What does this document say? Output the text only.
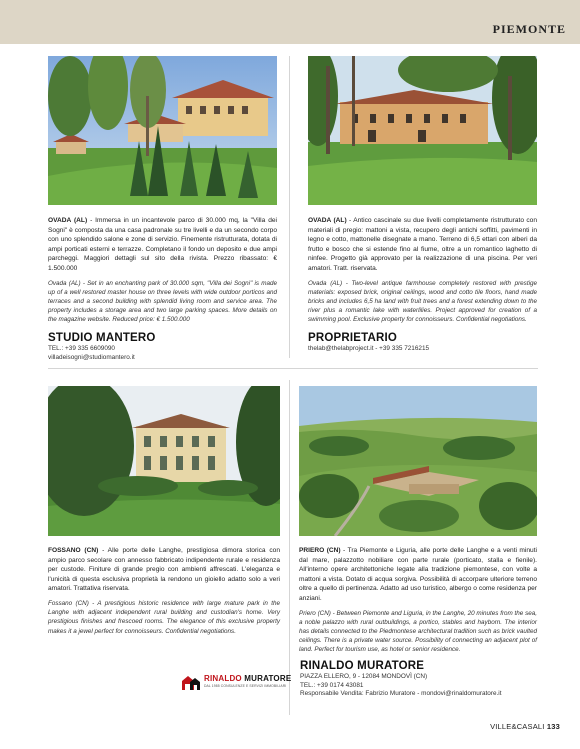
PIEMONTE

OVADA (AL) - Immersa in un incantevole parco di 30.000 mq, la "Villa dei Sogni" è composta da una casa padronale su tre livelli e da un secondo corpo con uno splendido salone e zone di servizio. Finemente ristrutturata, dotata di ampi porticati esterni e terrazze. Completano il fondo un deposito e due ampi parcheggi. Maggiori dettagli sul sito della rivista. Prezzo ribassato: € 1.500.000

Ovada (AL) - Set in an enchanting park of 30.000 sqm, "Villa dei Sogni" is made up of a well restored master house on three levels with wide outdoor porticos and terraces and a second building with splendid living room and service area. The property includes a storage area and two large parking spaces. More details on the magazine website. Reduced price: € 1.500.000

STUDIO MANTERO

TEL.: +39 335 6609090

villadeisogni@studiomantero.it

OVADA (AL) - Antico cascinale su due livelli completamente ristrutturato con materiali di pregio: mattoni a vista, recupero degli antichi soffitti, pavimenti in legno e cotto, mattonelle disegnate a mano. Terreno di 6,5 ettari con alberi da frutto e bosco che si estende fino al fiume, oltre a un romantico laghetto di ninfee. Progetto già approvato per la realizzazione di una piscina. Per veri amatori. Tratt. riservata.

Ovada (AL) - Two-level antique farmhouse completely restored with prestige materials: exposed brick, original ceilings, wood and cotto tile floors, hand made bricks and includes 6,5 ha land with fruit trees and a forest extending down to the river plus a romantic lake with waterlilies. Project approved for creation of a swimming pool. Exclusive property for connoisseurs. Confidential negotiations.

PROPRIETARIO

thelab@thelabproject.it - +39 335 7216215

FOSSANO (CN) - Alle porte delle Langhe, prestigiosa dimora storica con ampio parco secolare con annesso fabbricato indipendente rurale e residenza per custode. Finiture di grande pregio con ambienti affrescati. L'eleganza e l'unicità di questa esclusiva proprietà la rendono un gioiello adatto solo a veri amatori. Trattativa riservata.

Fossano (CN) - A prestigious historic residence with large mature park in the Langhe with adjacent independent rural building and custodian's home. Very prestigious finishes and frescoed rooms. The elegance of this exclusive property makes it a jewel perfect for connoisseurs. Confidential negotiations.

PRIERO (CN) - Tra Piemonte e Liguria, alle porte delle Langhe e a venti minuti dal mare, palazzotto nobiliare con parte rurale (porticato, stalla e fienile). All'interno opere architettoniche legate alla tradizione piemontese, con volte a mattoni a vista. Dotato di acqua sorgiva. Possibilità di accorpare ulteriore terreno oltre a quello di pertinenza. Adatto ad uso turistico, albergo o come residenza per anziani.

Priero (CN) - Between Piemonte and Liguria, in the Langhe, 20 minutes from the sea, a noble palazzo with rural outbuildings, a portico, stables and hayborn. The interior has details connected to the Piedmontese architectural tradition such as brick vaulted ceilings. There is a private water source. Possibility of connecting an adjacent plot of land. Perfect for tourism use, as hotel or senior residence.

RINALDO MURATORE
DAL 1985 CONSULENZE E SERVIZI IMMOBILIARI

RINALDO MURATORE

PIAZZA ELLERO, 9 - 12084 MONDOVÌ (CN)

TEL.: +39 0174 43081

Responsabile Vendita: Fabrizio Muratore - mondovi@rinaldomuratore.it

VILLE&CASALI 133
